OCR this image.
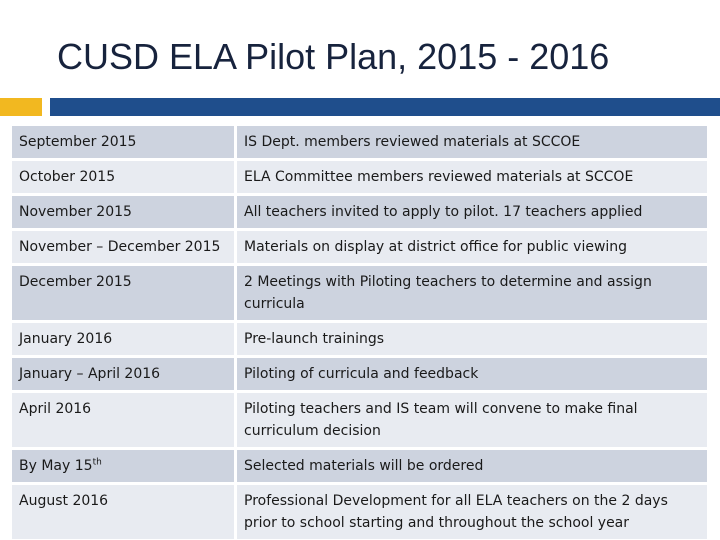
CUSD ELA Pilot Plan, 2015 - 2016
September 2015	IS Dept. members reviewed materials at SCCOE
October 2015	ELA Committee members reviewed materials at SCCOE
November 2015	All teachers invited to apply to pilot. 17 teachers applied
November – December 2015	Materials on display at district office for public viewing
December 2015	2 Meetings with Piloting teachers to determine and assign curricula
January 2016	Pre-launch trainings
January – April 2016	Piloting of curricula and feedback
April 2016	Piloting teachers and IS team will convene to make final curriculum decision
By May 15th	Selected materials will be ordered
August 2016	Professional Development for all ELA teachers on the 2 days prior to school starting and throughout the school year
